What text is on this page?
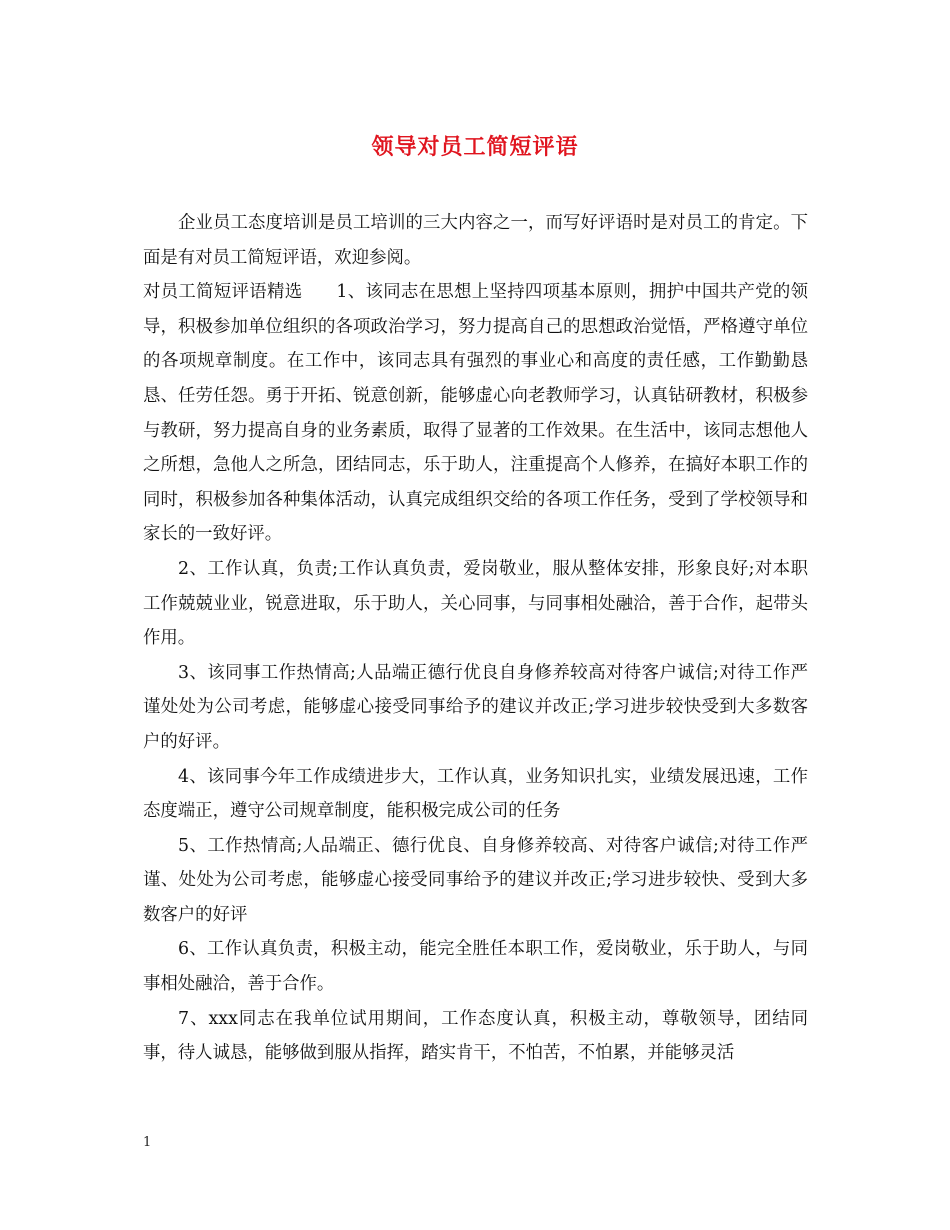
领导对员工简短评语

企业员工态度培训是员工培训的三大内容之一，而写好评语时是对员工的肯定。下面是有对员工简短评语，欢迎参阅。

对员工简短评语精选 1、该同志在思想上坚持四项基本原则，拥护中国共产党的领导，积极参加单位组织的各项政治学习，努力提高自己的思想政治觉悟，严格遵守单位的各项规章制度。在工作中，该同志具有强烈的事业心和高度的责任感，工作勤勤恳恳、任劳任怨。勇于开拓、锐意创新，能够虚心向老教师学习，认真钻研教材，积极参与教研，努力提高自身的业务素质，取得了显著的工作效果。在生活中，该同志想他人之所想，急他人之所急，团结同志，乐于助人，注重提高个人修养，在搞好本职工作的同时，积极参加各种集体活动，认真完成组织交给的各项工作任务，受到了学校领导和家长的一致好评。

2、工作认真，负责;工作认真负责，爱岗敬业，服从整体安排，形象良好;对本职工作兢兢业业，锐意进取，乐于助人，关心同事，与同事相处融洽，善于合作，起带头作用。

3、该同事工作热情高;人品端正德行优良自身修养较高对待客户诚信;对待工作严谨处处为公司考虑，能够虚心接受同事给予的建议并改正;学习进步较快受到大多数客户的好评。

4、该同事今年工作成绩进步大，工作认真，业务知识扎实，业绩发展迅速，工作态度端正，遵守公司规章制度，能积极完成公司的任务

5、工作热情高;人品端正、德行优良、自身修养较高、对待客户诚信;对待工作严谨、处处为公司考虑，能够虚心接受同事给予的建议并改正;学习进步较快、受到大多数客户的好评

6、工作认真负责，积极主动，能完全胜任本职工作，爱岗敬业，乐于助人，与同事相处融洽，善于合作。

7、xxx同志在我单位试用期间，工作态度认真，积极主动，尊敬领导，团结同事，待人诚恳，能够做到服从指挥，踏实肯干，不怕苦，不怕累，并能够灵活

1
